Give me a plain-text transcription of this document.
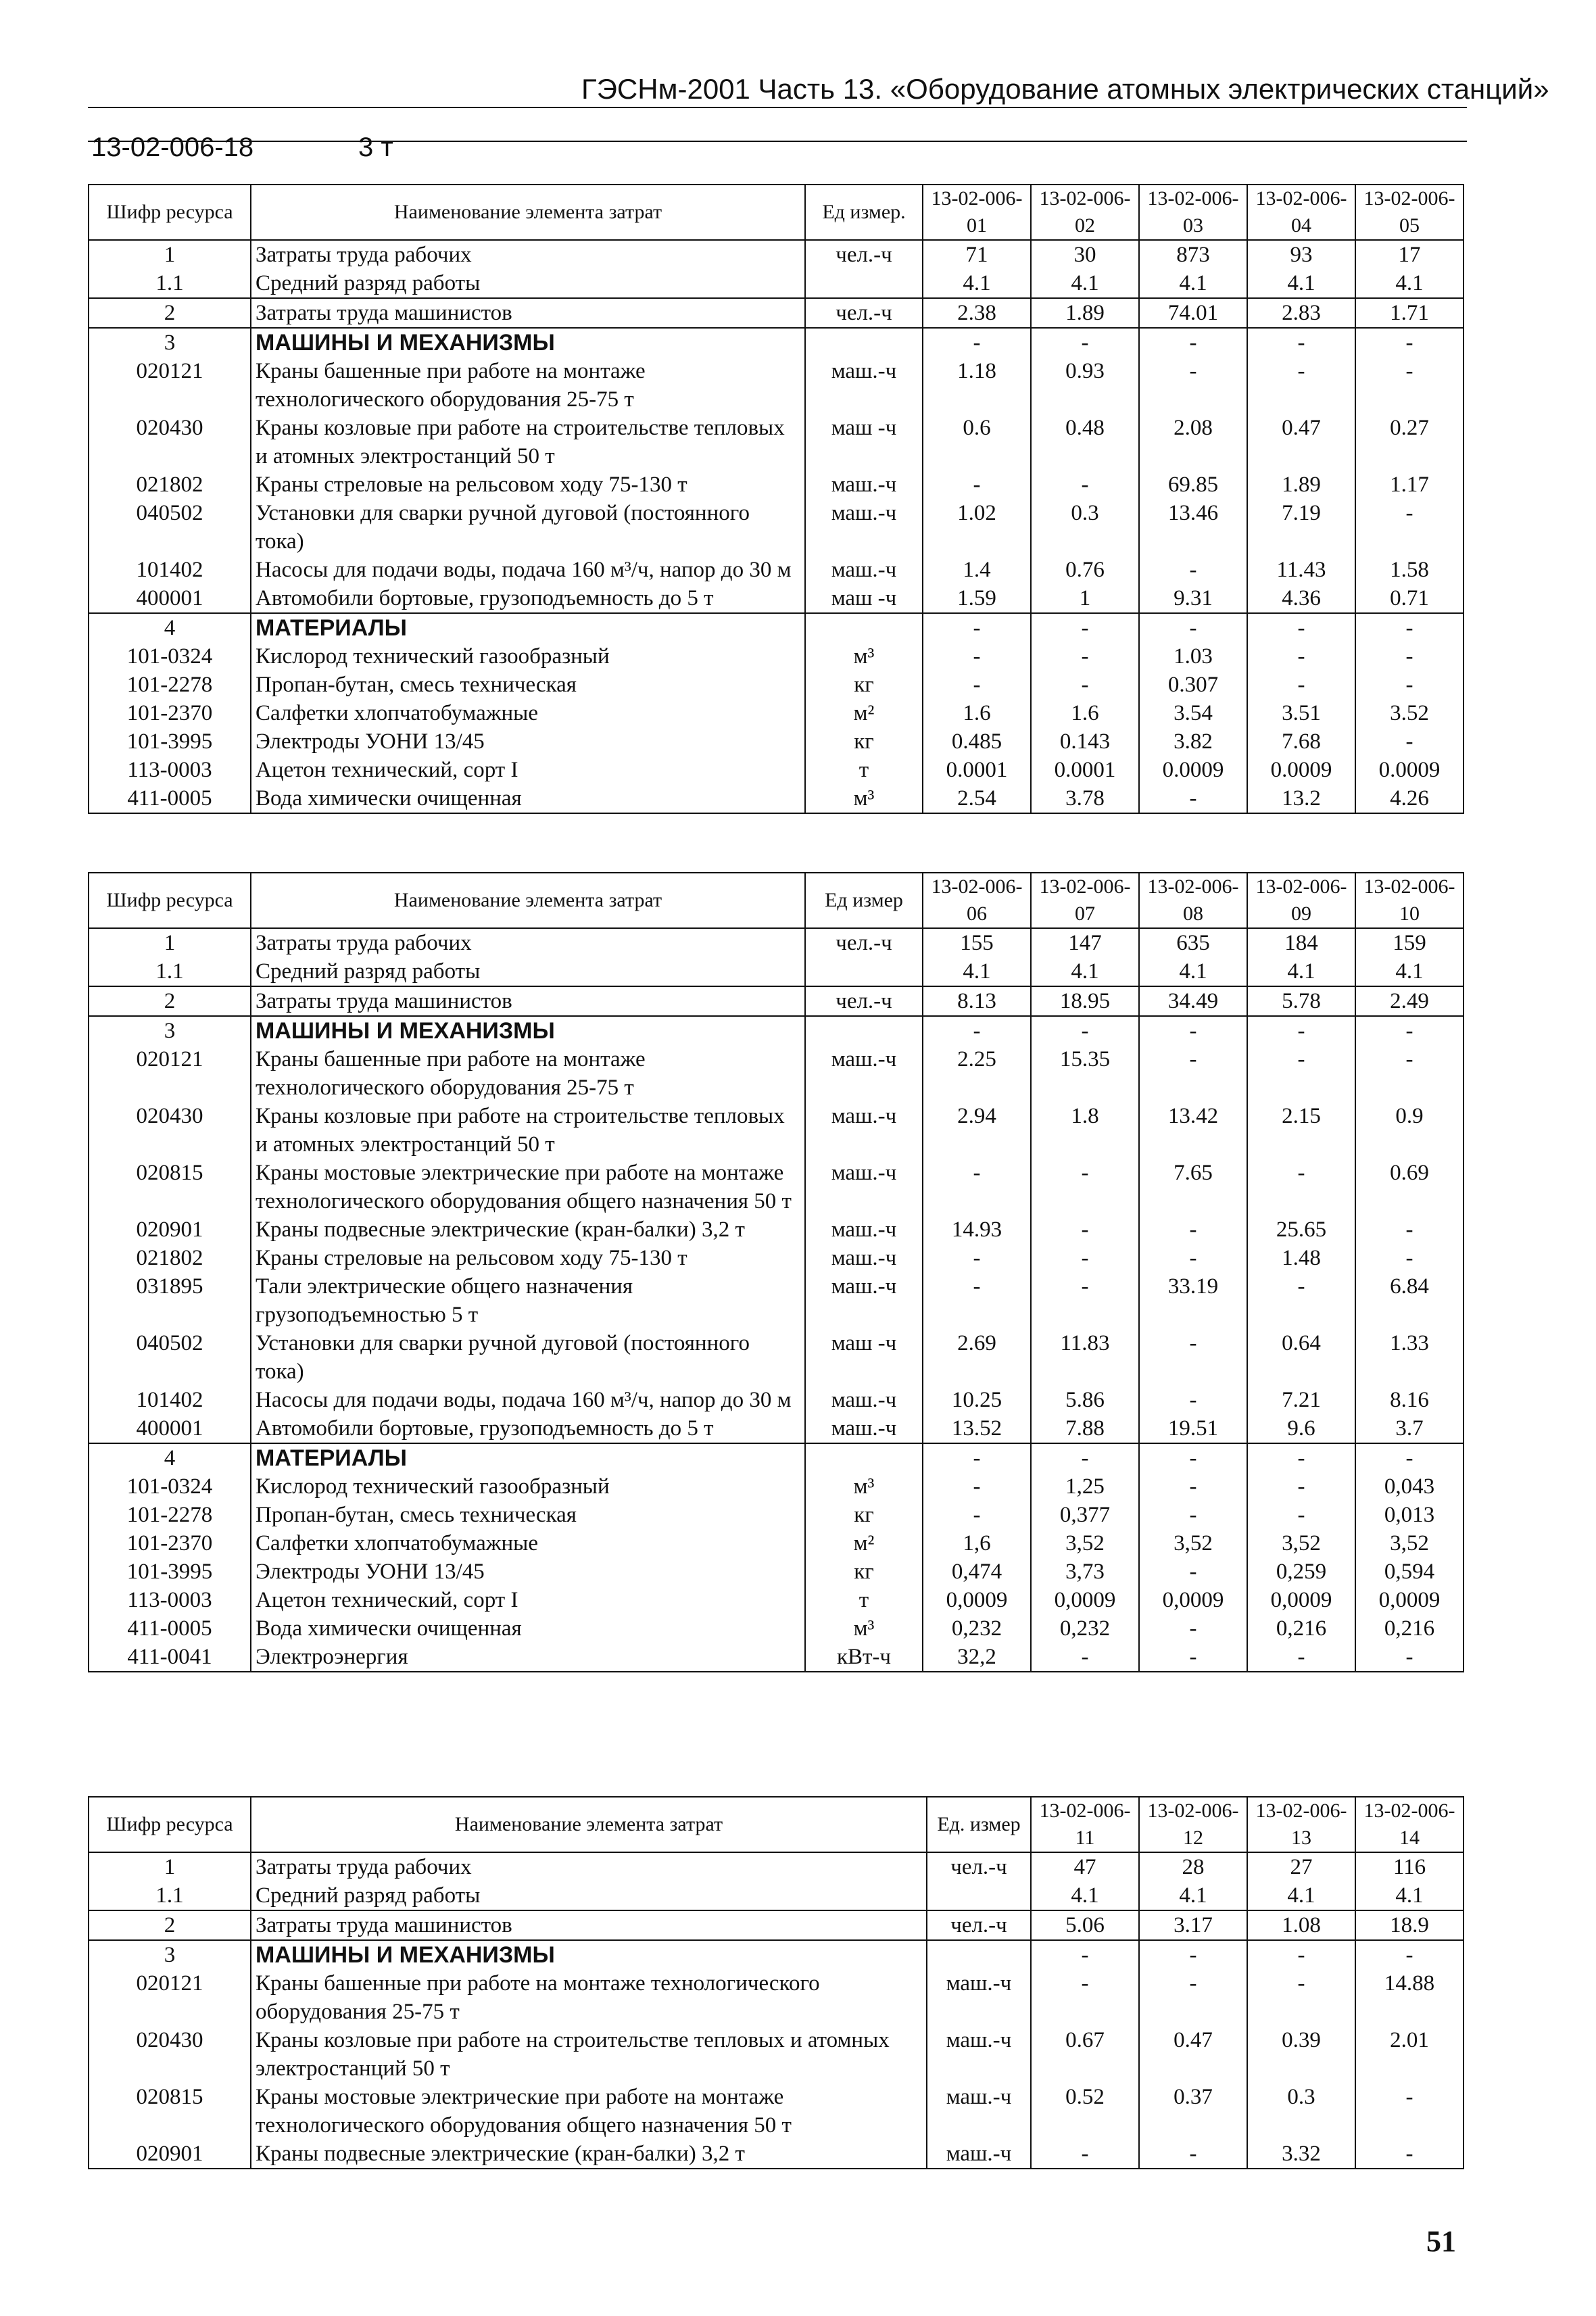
ГЭСНм-2001 Часть 13. «Оборудование атомных электрических станций»
13-02-006-18	3 т
Шифр ресурса	Наименование элемента затрат	Ед измер.	13-02-006-01	13-02-006-02	13-02-006-03	13-02-006-04	13-02-006-05
1	Затраты труда рабочих	чел.-ч	71	30	873	93	17
1.1	Средний разряд работы		4.1	4.1	4.1	4.1	4.1
2	Затраты труда машинистов	чел.-ч	2.38	1.89	74.01	2.83	1.71
3	МАШИНЫ И МЕХАНИЗМЫ		-	-	-	-	-
020121	Краны башенные при работе на монтаже технологического оборудования 25-75 т	маш.-ч	1.18	0.93	-	-	-
020430	Краны козловые при работе на строительстве тепловых и атомных электростанций 50 т	маш -ч	0.6	0.48	2.08	0.47	0.27
021802	Краны стреловые на рельсовом ходу 75-130 т	маш.-ч	-	-	69.85	1.89	1.17
040502	Установки для сварки ручной дуговой (постоянного тока)	маш.-ч	1.02	0.3	13.46	7.19	-
101402	Насосы для подачи воды, подача 160 м³/ч, напор до 30 м	маш.-ч	1.4	0.76	-	11.43	1.58
400001	Автомобили бортовые, грузоподъемность до 5 т	маш -ч	1.59	1	9.31	4.36	0.71
4	МАТЕРИАЛЫ		-	-	-	-	-
101-0324	Кислород технический газообразный	м³	-	-	1.03	-	-
101-2278	Пропан-бутан, смесь техническая	кг	-	-	0.307	-	-
101-2370	Салфетки хлопчатобумажные	м²	1.6	1.6	3.54	3.51	3.52
101-3995	Электроды УОНИ 13/45	кг	0.485	0.143	3.82	7.68	-
113-0003	Ацетон технический, сорт I	т	0.0001	0.0001	0.0009	0.0009	0.0009
411-0005	Вода химически очищенная	м³	2.54	3.78	-	13.2	4.26
Шифр ресурса	Наименование элемента затрат	Ед измер	13-02-006-06	13-02-006-07	13-02-006-08	13-02-006-09	13-02-006-10
1	Затраты труда рабочих	чел.-ч	155	147	635	184	159
1.1	Средний разряд работы		4.1	4.1	4.1	4.1	4.1
2	Затраты труда машинистов	чел.-ч	8.13	18.95	34.49	5.78	2.49
3	МАШИНЫ И МЕХАНИЗМЫ		-	-	-	-	-
020121	Краны башенные при работе на монтаже технологического оборудования 25-75 т	маш.-ч	2.25	15.35	-	-	-
020430	Краны козловые при работе на строительстве тепловых и атомных электростанций 50 т	маш.-ч	2.94	1.8	13.42	2.15	0.9
020815	Краны мостовые электрические при работе на монтаже технологического оборудования общего назначения 50 т	маш.-ч	-	-	7.65	-	0.69
020901	Краны подвесные электрические (кран-балки) 3,2 т	маш.-ч	14.93	-	-	25.65	-
021802	Краны стреловые на рельсовом ходу 75-130 т	маш.-ч	-	-	-	1.48	-
031895	Тали электрические общего назначения грузоподъемностью 5 т	маш.-ч	-	-	33.19	-	6.84
040502	Установки для сварки ручной дуговой (постоянного тока)	маш -ч	2.69	11.83	-	0.64	1.33
101402	Насосы для подачи воды, подача 160 м³/ч, напор до 30 м	маш.-ч	10.25	5.86	-	7.21	8.16
400001	Автомобили бортовые, грузоподъемность до 5 т	маш.-ч	13.52	7.88	19.51	9.6	3.7
4	МАТЕРИАЛЫ		-	-	-	-	-
101-0324	Кислород технический газообразный	м³	-	1,25	-	-	0,043
101-2278	Пропан-бутан, смесь техническая	кг	-	0,377	-	-	0,013
101-2370	Салфетки хлопчатобумажные	м²	1,6	3,52	3,52	3,52	3,52
101-3995	Электроды УОНИ 13/45	кг	0,474	3,73	-	0,259	0,594
113-0003	Ацетон технический, сорт I	т	0,0009	0,0009	0,0009	0,0009	0,0009
411-0005	Вода химически очищенная	м³	0,232	0,232	-	0,216	0,216
411-0041	Электроэнергия	кВт-ч	32,2	-	-	-	-
Шифр ресурса	Наименование элемента затрат	Ед. измер	13-02-006-11	13-02-006-12	13-02-006-13	13-02-006-14
1	Затраты труда рабочих	чел.-ч	47	28	27	116
1.1	Средний разряд работы		4.1	4.1	4.1	4.1
2	Затраты труда машинистов	чел.-ч	5.06	3.17	1.08	18.9
3	МАШИНЫ И МЕХАНИЗМЫ		-	-	-	-
020121	Краны башенные при работе на монтаже технологического оборудования 25-75 т	маш.-ч	-	-	-	14.88
020430	Краны козловые при работе на строительстве тепловых и атомных электростанций 50 т	маш.-ч	0.67	0.47	0.39	2.01
020815	Краны мостовые электрические при работе на монтаже технологического оборудования общего назначения 50 т	маш.-ч	0.52	0.37	0.3	-
020901	Краны подвесные электрические (кран-балки) 3,2 т	маш.-ч	-	-	3.32	-
51
